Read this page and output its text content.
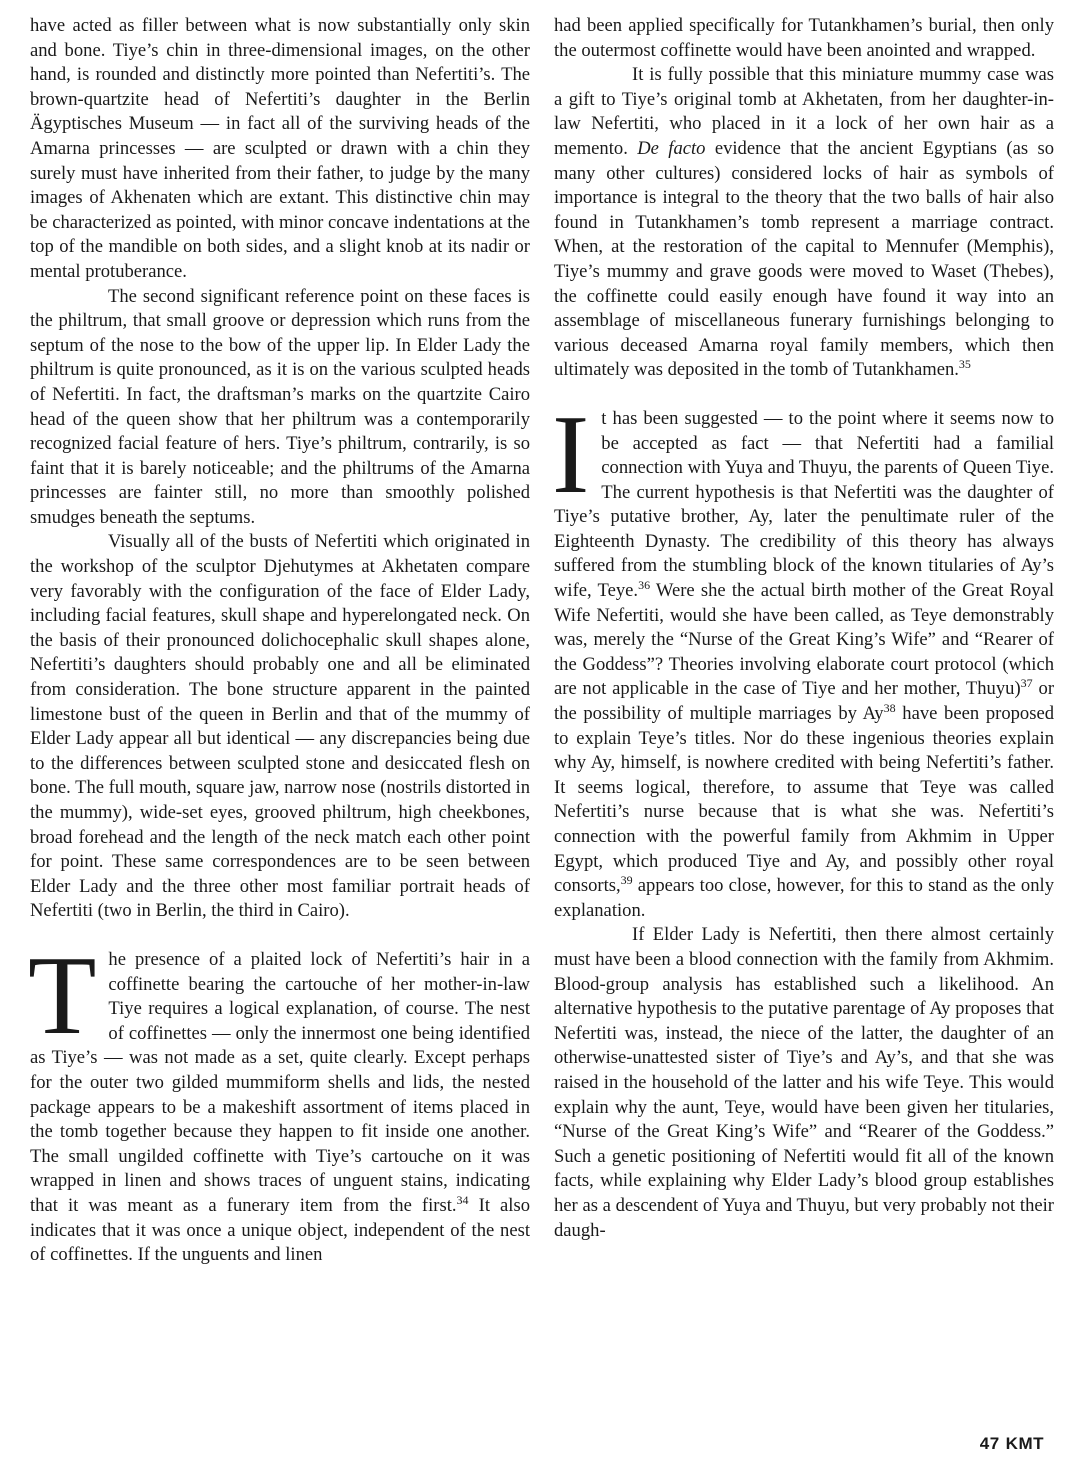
have acted as filler between what is now substantially only skin and bone. Tiye’s chin in three-dimensional images, on the other hand, is rounded and distinctly more pointed than Nefertiti’s. The brown-quartzite head of Nefertiti’s daughter in the Berlin Ägyptisches Museum — in fact all of the surviving heads of the Amarna princesses — are sculpted or drawn with a chin they surely must have inherited from their father, to judge by the many images of Akhenaten which are extant. This distinctive chin may be characterized as pointed, with minor concave indentations at the top of the mandible on both sides, and a slight knob at its nadir or mental protuberance.

The second significant reference point on these faces is the philtrum, that small groove or depression which runs from the septum of the nose to the bow of the upper lip. In Elder Lady the philtrum is quite pronounced, as it is on the various sculpted heads of Nefertiti. In fact, the draftsman’s marks on the quartzite Cairo head of the queen show that her philtrum was a contemporarily recognized facial feature of hers. Tiye’s philtrum, contrarily, is so faint that it is barely noticeable; and the philtrums of the Amarna princesses are fainter still, no more than smoothly polished smudges beneath the septums.

Visually all of the busts of Nefertiti which originated in the workshop of the sculptor Djehutymes at Akhetaten compare very favorably with the configuration of the face of Elder Lady, including facial features, skull shape and hyperelongated neck. On the basis of their pronounced dolichocephalic skull shapes alone, Nefertiti’s daughters should probably one and all be eliminated from consideration. The bone structure apparent in the painted limestone bust of the queen in Berlin and that of the mummy of Elder Lady appear all but identical — any discrepancies being due to the differences between sculpted stone and desiccated flesh on bone. The full mouth, square jaw, narrow nose (nostrils distorted in the mummy), wide-set eyes, grooved philtrum, high cheekbones, broad forehead and the length of the neck match each other point for point. These same correspondences are to be seen between Elder Lady and the three other most familiar portrait heads of Nefertiti (two in Berlin, the third in Cairo).

The presence of a plaited lock of Nefertiti’s hair in a coffinette bearing the cartouche of her mother-in-law Tiye requires a logical explanation, of course. The nest of coffinettes — only the innermost one being identified as Tiye’s — was not made as a set, quite clearly. Except perhaps for the outer two gilded mummiform shells and lids, the nested package appears to be a makeshift assortment of items placed in the tomb together because they happen to fit inside one another. The small ungilded coffinette with Tiye’s cartouche on it was wrapped in linen and shows traces of unguent stains, indicating that it was meant as a funerary item from the first.$^{34}$ It also indicates that it was once a unique object, independent of the nest of coffinettes. If the unguents and linen

had been applied specifically for Tutankhamen’s burial, then only the outermost coffinette would have been anointed and wrapped.

It is fully possible that this miniature mummy case was a gift to Tiye’s original tomb at Akhetaten, from her daughter-in-law Nefertiti, who placed in it a lock of her own hair as a memento. De facto evidence that the ancient Egyptians (as so many other cultures) considered locks of hair as symbols of importance is integral to the theory that the two balls of hair also found in Tutankhamen’s tomb represent a marriage contract. When, at the restoration of the capital to Mennufer (Memphis), Tiye’s mummy and grave goods were moved to Waset (Thebes), the coffinette could easily enough have found it way into an assemblage of miscellaneous funerary furnishings belonging to various deceased Amarna royal family members, which then ultimately was deposited in the tomb of Tutankhamen.$^{35}$

It has been suggested — to the point where it seems now to be accepted as fact — that Nefertiti had a familial connection with Yuya and Thuyu, the parents of Queen Tiye. The current hypothesis is that Nefertiti was the daughter of Tiye’s putative brother, Ay, later the penultimate ruler of the Eighteenth Dynasty. The credibility of this theory has always suffered from the stumbling block of the known titularies of Ay’s wife, Teye.$^{36}$ Were she the actual birth mother of the Great Royal Wife Nefertiti, would she have been called, as Teye demonstrably was, merely the “Nurse of the Great King’s Wife” and “Rearer of the Goddess”? Theories involving elaborate court protocol (which are not applicable in the case of Tiye and her mother, Thuyu)$^{37}$ or the possibility of multiple marriages by Ay$^{38}$ have been proposed to explain Teye’s titles. Nor do these ingenious theories explain why Ay, himself, is nowhere credited with being Nefertiti’s father. It seems logical, therefore, to assume that Teye was called Nefertiti’s nurse because that is what she was. Nefertiti’s connection with the powerful family from Akhmim in Upper Egypt, which produced Tiye and Ay, and possibly other royal consorts,$^{39}$ appears too close, however, for this to stand as the only explanation.

If Elder Lady is Nefertiti, then there almost certainly must have been a blood connection with the family from Akhmim. Blood-group analysis has established such a likelihood. An alternative hypothesis to the putative parentage of Ay proposes that Nefertiti was, instead, the niece of the latter, the daughter of an otherwise-unattested sister of Tiye’s and Ay’s, and that she was raised in the household of the latter and his wife Teye. This would explain why the aunt, Teye, would have been given her titularies, “Nurse of the Great King’s Wife” and “Rearer of the Goddess.” Such a genetic positioning of Nefertiti would fit all of the known facts, while explaining why Elder Lady’s blood group establishes her as a descendent of Yuya and Thuyu, but very probably not their daugh-

47 KMT
